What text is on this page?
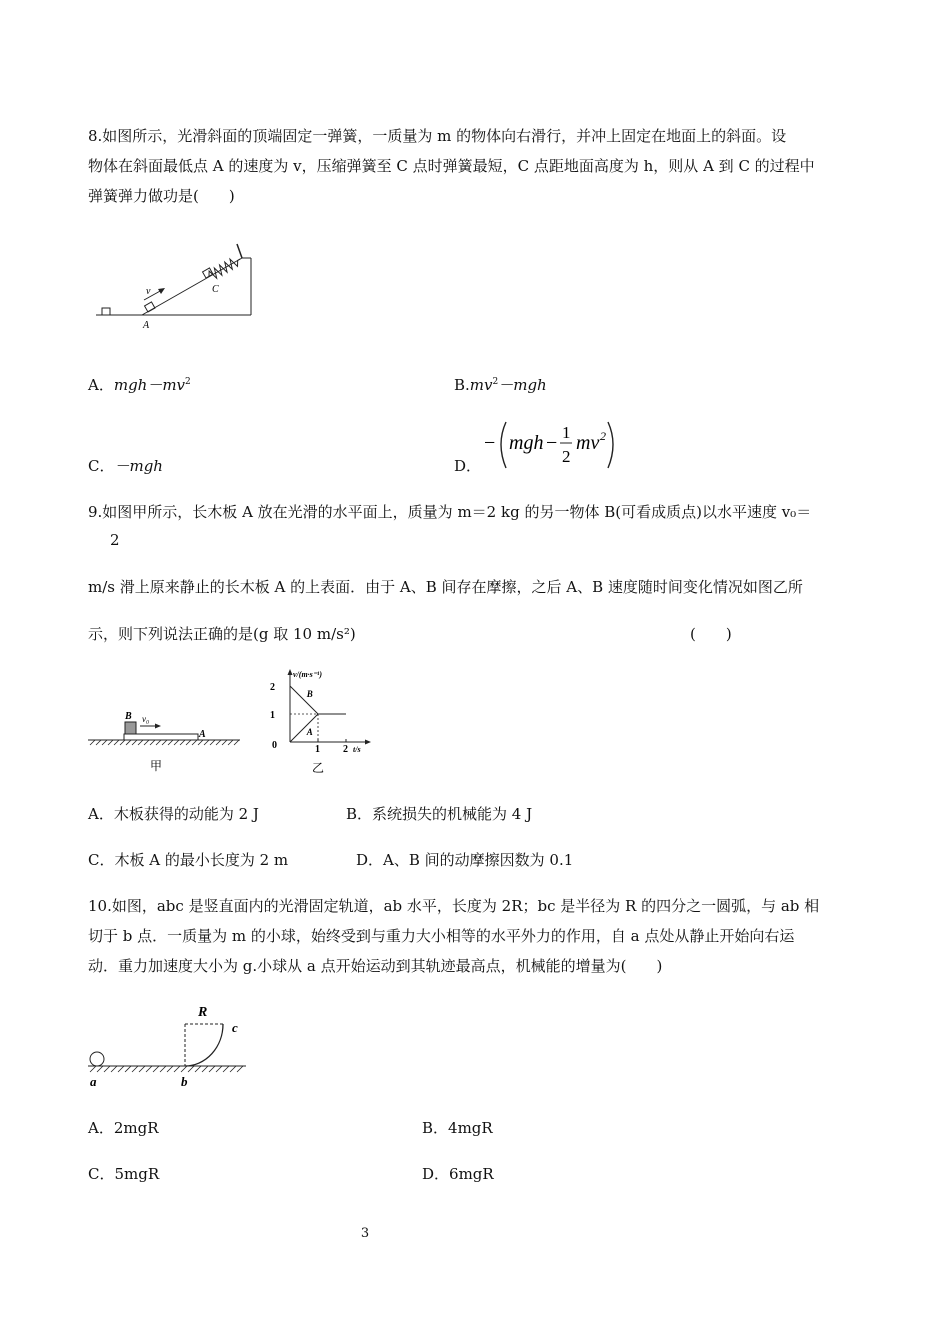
8.如图所示，光滑斜面的顶端固定一弹簧，一质量为 m 的物体向右滑行，并冲上固定在地面上的斜面。设
物体在斜面最低点 A 的速度为 v，压缩弹簧至 C 点时弹簧最短，C 点距地面高度为 h，则从 A 到 C 的过程中
弹簧弹力做功是(　　)
v
A
C
A．$mgh-mv^2$	$B.mv^2-mgh$
C．－mgh	D．
− mgh − 1
2
mv 2
9.如图甲所示，长木板 A 放在光滑的水平面上，质量为 m＝2 kg 的另一物体 B(可看成质点)以水平速度 v₀＝
2
m/s 滑上原来静止的长木板 A 的上表面．由于 A、B 间存在摩擦，之后 A、B 速度随时间变化情况如图乙所
示，则下列说法正确的是(g 取 10 m/s²)	(　　)
B v₀
A
甲
v/(m·s⁻¹)
t/s
2
1
0	1 2
B
A
乙
A．木板获得的动能为 2 J	B．系统损失的机械能为 4 J
C．木板 A 的最小长度为 2 m	D．A、B 间的动摩擦因数为 0.1
10.如图，abc 是竖直面内的光滑固定轨道，ab 水平，长度为 2R；bc 是半径为 R 的四分之一圆弧，与 ab 相
切于 b 点．一质量为 m 的小球，始终受到与重力大小相等的水平外力的作用，自 a 点处从静止开始向右运
动．重力加速度大小为 g.小球从 a 点开始运动到其轨迹最高点，机械能的增量为(　　)
R
c
a	b
A．2mgR	B．4mgR
C．5mgR	D．6mgR
3
